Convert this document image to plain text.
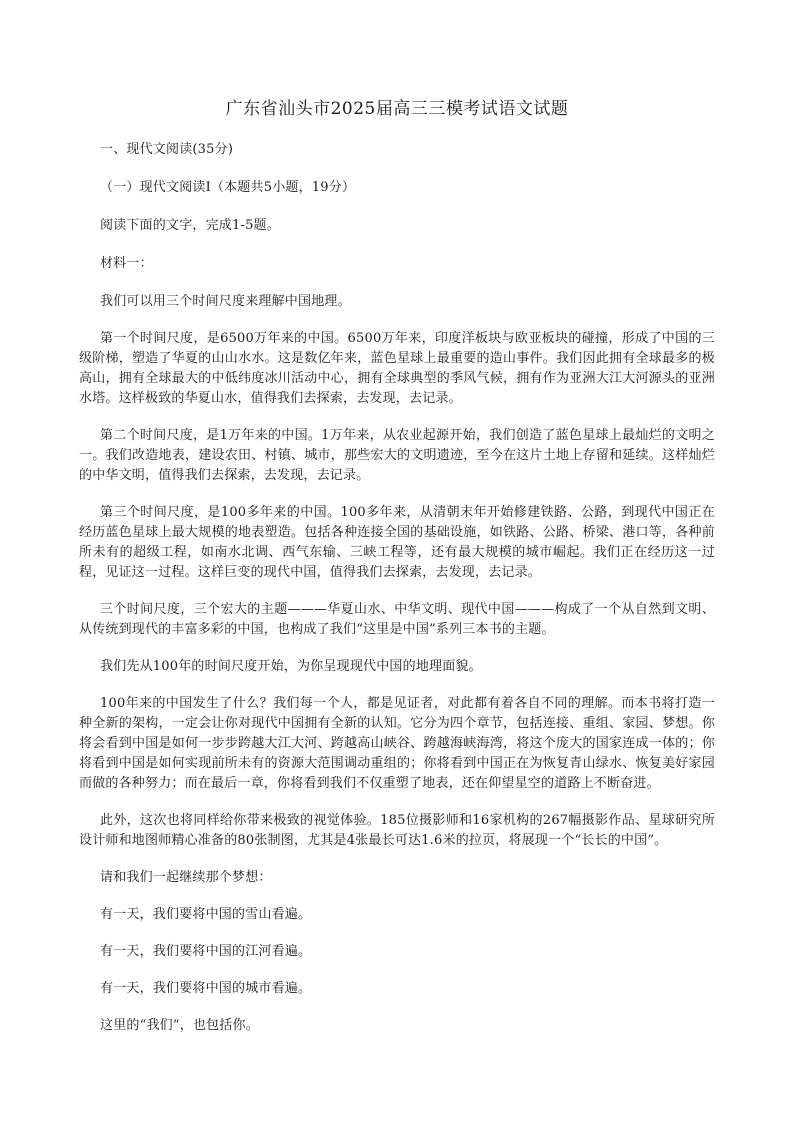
广东省汕头市2025届高三三模考试语文试题

一、现代文阅读(35分)

（一）现代文阅读Ⅰ（本题共5小题，19分）

阅读下面的文字，完成1-5题。

材料一：

我们可以用三个时间尺度来理解中国地理。

第一个时间尺度，是6500万年来的中国。6500万年来，印度洋板块与欧亚板块的碰撞，形成了中国的三级阶梯，塑造了华夏的山山水水。这是数亿年来，蓝色星球上最重要的造山事件。我们因此拥有全球最多的极高山，拥有全球最大的中低纬度冰川活动中心，拥有全球典型的季风气候，拥有作为亚洲大江大河源头的亚洲水塔。这样极致的华夏山水，值得我们去探索，去发现，去记录。

第二个时间尺度，是1万年来的中国。1万年来，从农业起源开始，我们创造了蓝色星球上最灿烂的文明之一。我们改造地表，建设农田、村镇、城市，那些宏大的文明遗迹，至今在这片土地上存留和延续。这样灿烂的中华文明，值得我们去探索，去发现，去记录。

第三个时间尺度，是100多年来的中国。100多年来，从清朝末年开始修建铁路、公路，到现代中国正在经历蓝色星球上最大规模的地表塑造。包括各种连接全国的基础设施，如铁路、公路、桥梁、港口等，各种前所未有的超级工程，如南水北调、西气东输、三峡工程等，还有最大规模的城市崛起。我们正在经历这一过程，见证这一过程。这样巨变的现代中国，值得我们去探索，去发现，去记录。

三个时间尺度，三个宏大的主题———华夏山水、中华文明、现代中国———构成了一个从自然到文明、从传统到现代的丰富多彩的中国，也构成了我们“这里是中国”系列三本书的主题。

我们先从100年的时间尺度开始，为你呈现现代中国的地理面貌。

100年来的中国发生了什么？我们每一个人，都是见证者，对此都有着各自不同的理解。而本书将打造一种全新的架构，一定会让你对现代中国拥有全新的认知。它分为四个章节，包括连接、重组、家园、梦想。你将会看到中国是如何一步步跨越大江大河、跨越高山峡谷、跨越海峡海湾，将这个庞大的国家连成一体的；你将看到中国是如何实现前所未有的资源大范围调动重组的；你将看到中国正在为恢复青山绿水、恢复美好家园而做的各种努力；而在最后一章，你将看到我们不仅重塑了地表，还在仰望星空的道路上不断奋进。

此外，这次也将同样给你带来极致的视觉体验。185位摄影师和16家机构的267幅摄影作品、星球研究所设计师和地图师精心准备的80张制图，尤其是4张最长可达1.6米的拉页，将展现一个“长长的中国”。

请和我们一起继续那个梦想：

有一天，我们要将中国的雪山看遍。

有一天，我们要将中国的江河看遍。

有一天，我们要将中国的城市看遍。

这里的“我们”，也包括你。
